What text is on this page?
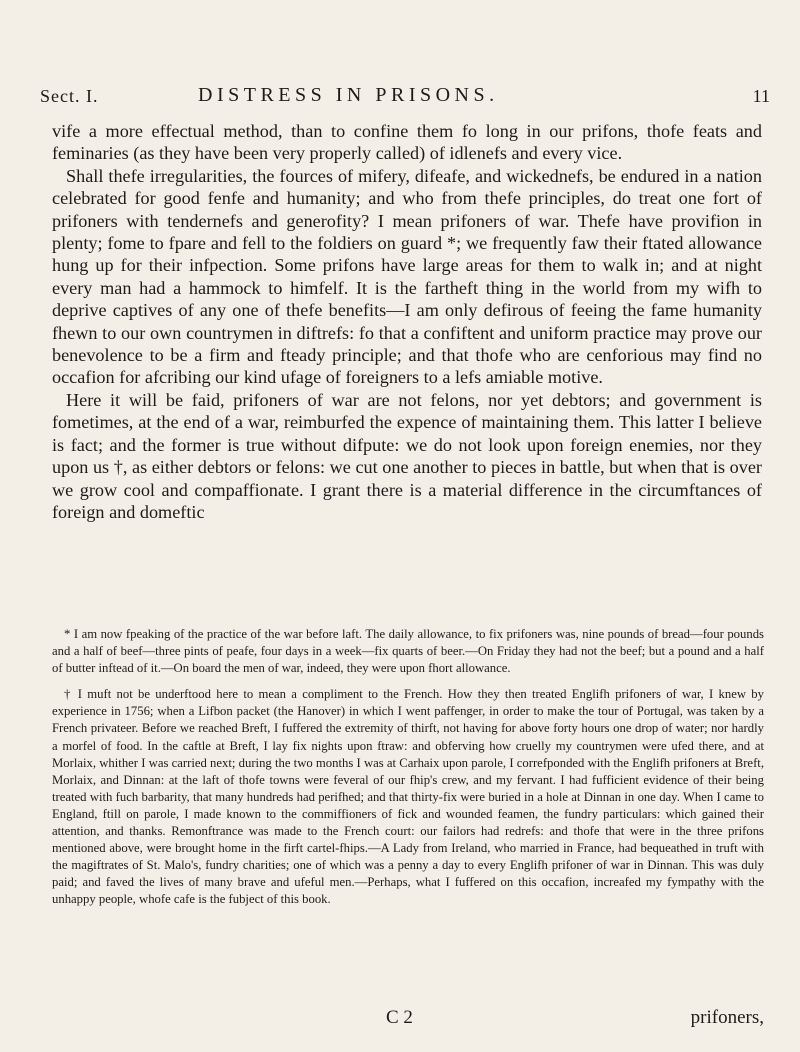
Sect. I.	DISTRESS IN PRISONS.	11

vife a more effectual method, than to confine them fo long in our prifons, thofe feats and feminaries (as they have been very properly called) of idlenefs and every vice.

Shall thefe irregularities, the fources of mifery, difeafe, and wickednefs, be endured in a nation celebrated for good fenfe and humanity; and who from thefe principles, do treat one fort of prifoners with tendernefs and generofity? I mean prifoners of war. Thefe have provifion in plenty; fome to fpare and fell to the foldiers on guard *; we frequently faw their ftated allowance hung up for their infpection. Some prifons have large areas for them to walk in; and at night every man had a hammock to himfelf. It is the fartheft thing in the world from my wifh to deprive captives of any one of thefe benefits—I am only defirous of feeing the fame humanity fhewn to our own countrymen in diftrefs: fo that a confiftent and uniform practice may prove our benevolence to be a firm and fteady principle; and that thofe who are cenforious may find no occafion for afcribing our kind ufage of foreigners to a lefs amiable motive.

Here it will be faid, prifoners of war are not felons, nor yet debtors; and government is fometimes, at the end of a war, reimburfed the expence of maintaining them. This latter I believe is fact; and the former is true without difpute: we do not look upon foreign enemies, nor they upon us †, as either debtors or felons: we cut one another to pieces in battle, but when that is over we grow cool and compaffionate. I grant there is a material difference in the circumftances of foreign and domeftic

* I am now fpeaking of the practice of the war before laft. The daily allowance, to fix prifoners was, nine pounds of bread—four pounds and a half of beef—three pints of peafe, four days in a week—fix quarts of beer.—On Friday they had not the beef; but a pound and a half of butter inftead of it.—On board the men of war, indeed, they were upon fhort allowance.

† I muft not be underftood here to mean a compliment to the French. How they then treated Englifh prifoners of war, I knew by experience in 1756; when a Lifbon packet (the Hanover) in which I went paffenger, in order to make the tour of Portugal, was taken by a French privateer. Before we reached Breft, I fuffered the extremity of thirft, not having for above forty hours one drop of water; nor hardly a morfel of food. In the caftle at Breft, I lay fix nights upon ftraw: and obferving how cruelly my countrymen were ufed there, and at Morlaix, whither I was carried next; during the two months I was at Carhaix upon parole, I correfponded with the Englifh prifoners at Breft, Morlaix, and Dinnan: at the laft of thofe towns were feveral of our fhip's crew, and my fervant. I had fufficient evidence of their being treated with fuch barbarity, that many hundreds had perifhed; and that thirty-fix were buried in a hole at Dinnan in one day. When I came to England, ftill on parole, I made known to the commiffioners of fick and wounded feamen, the fundry particulars: which gained their attention, and thanks. Remonftrance was made to the French court: our failors had redrefs: and thofe that were in the three prifons mentioned above, were brought home in the firft cartel-fhips.—A Lady from Ireland, who married in France, had bequeathed in truft with the magiftrates of St. Malo's, fundry charities; one of which was a penny a day to every Englifh prifoner of war in Dinnan. This was duly paid; and faved the lives of many brave and ufeful men.—Perhaps, what I fuffered on this occafion, increafed my fympathy with the unhappy people, whofe cafe is the fubject of this book.

C 2	prifoners,
